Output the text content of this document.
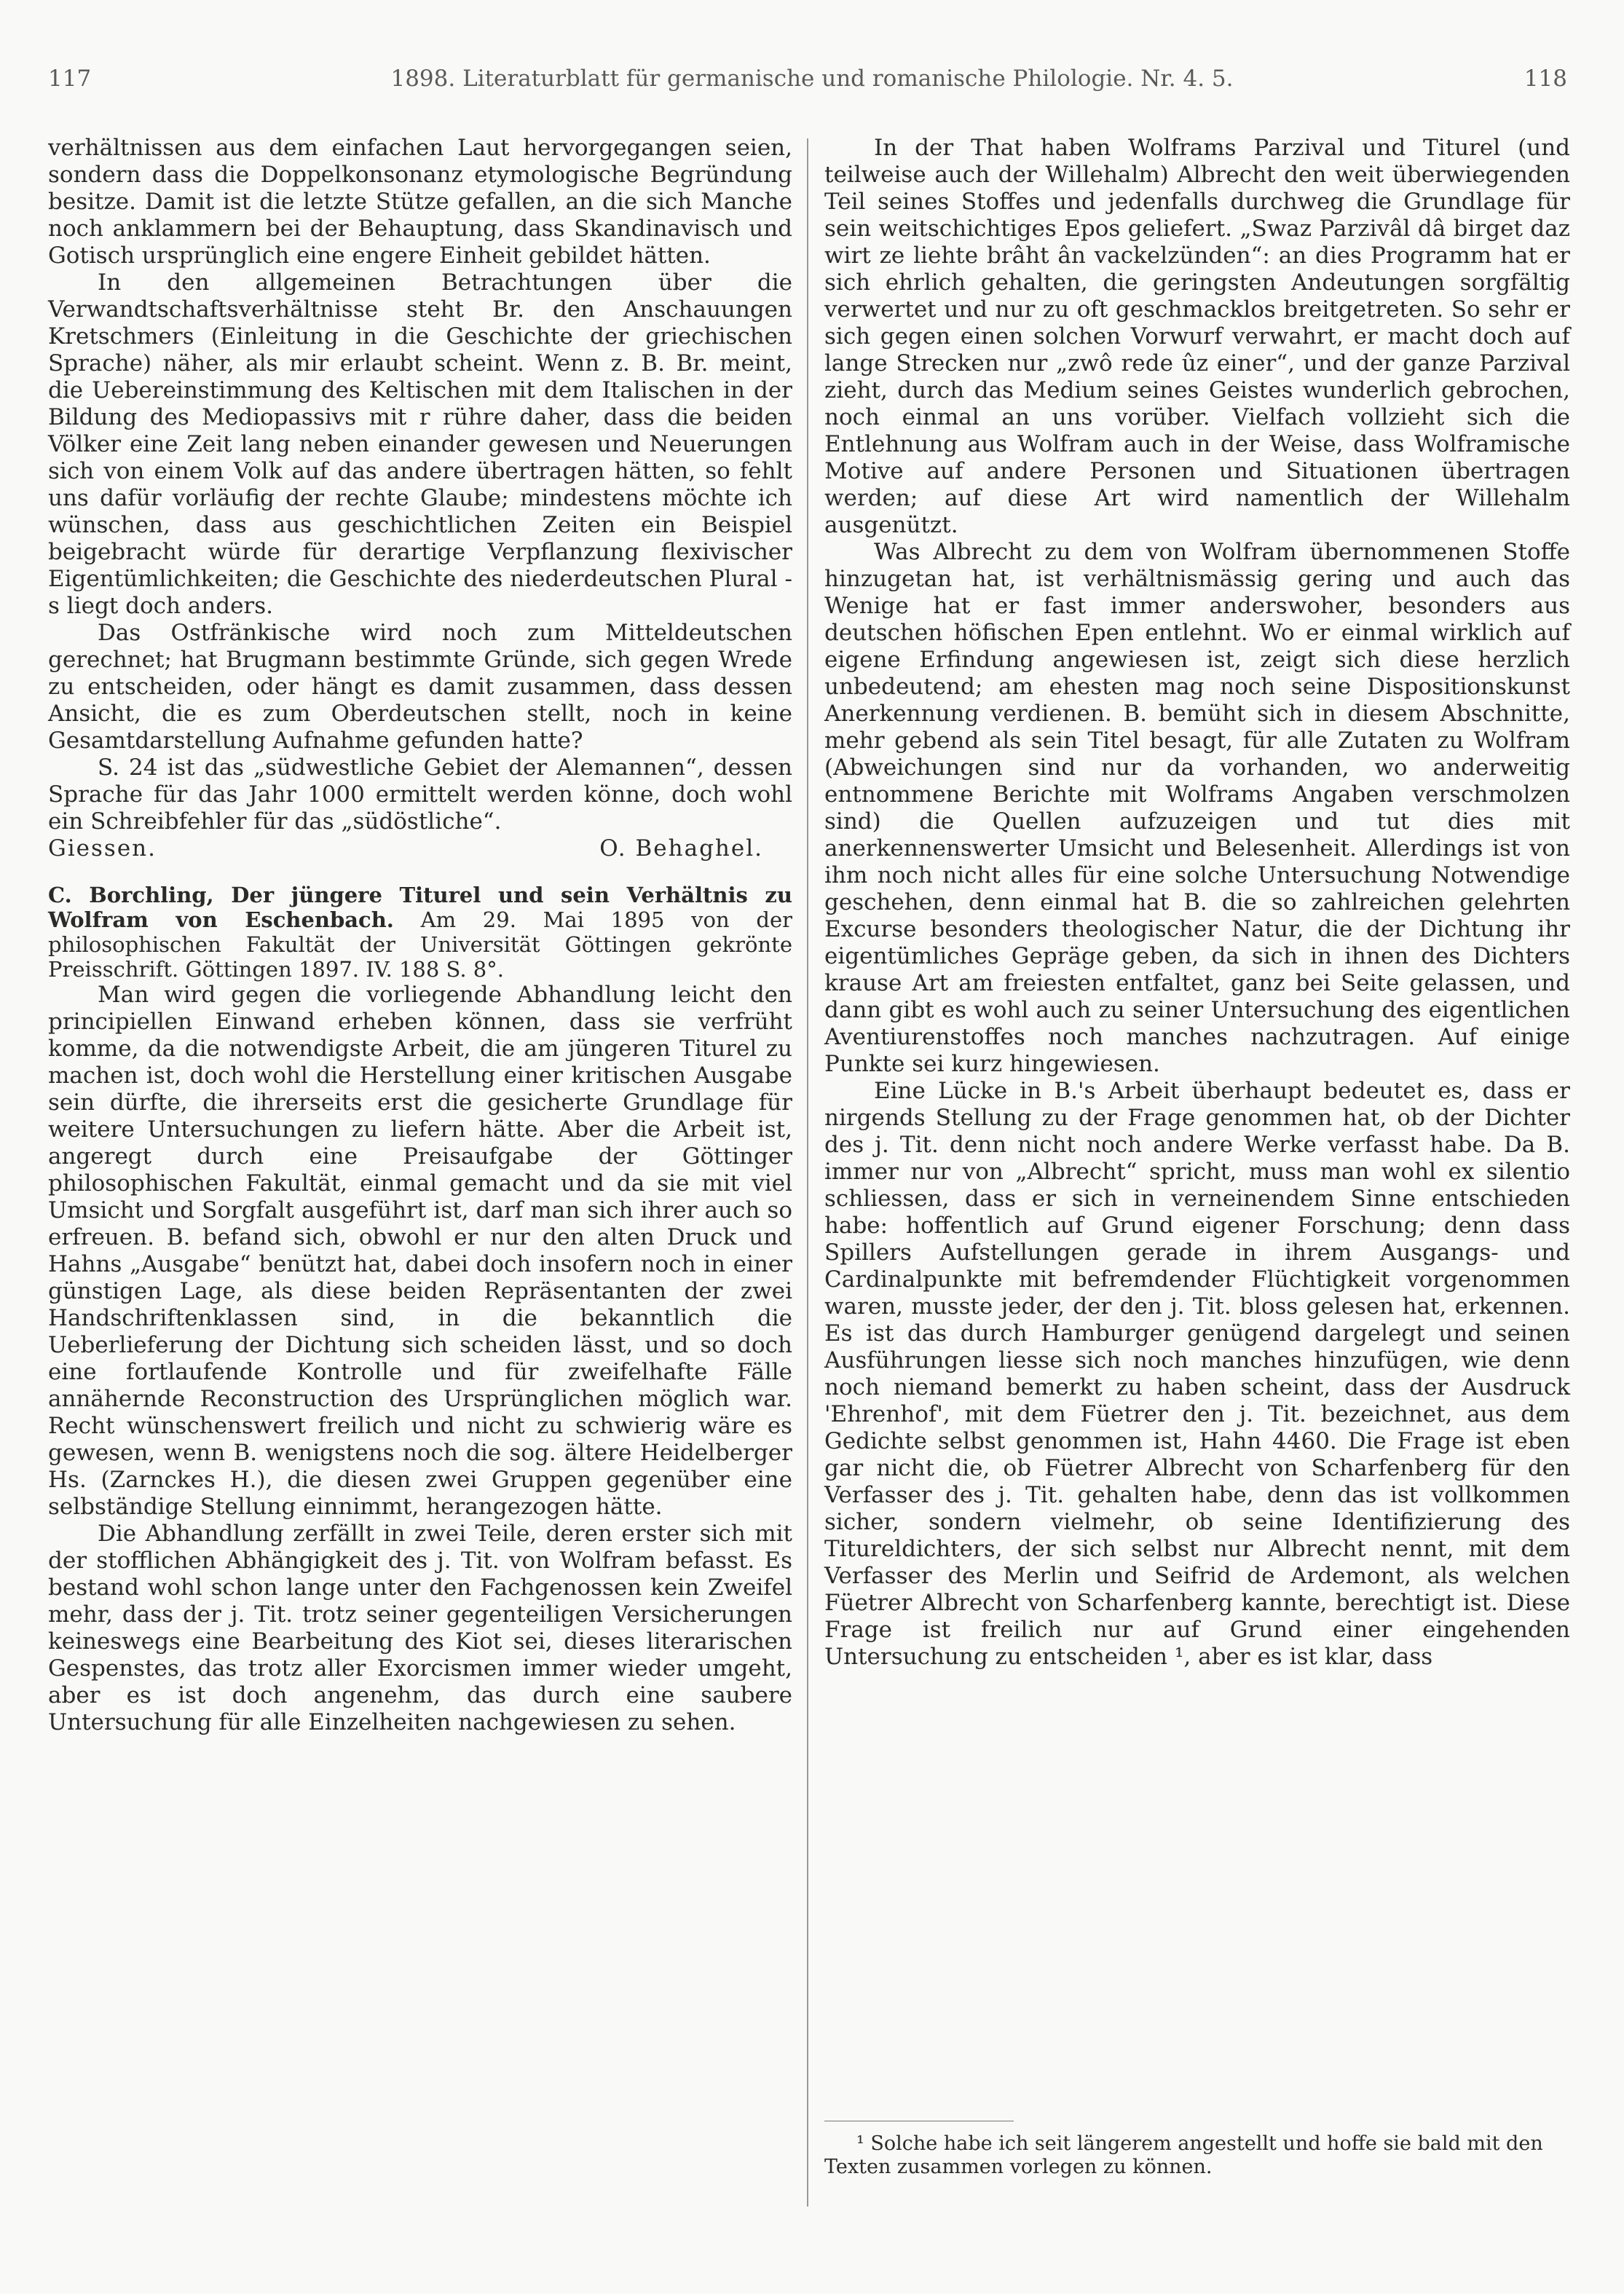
117	1898. Literaturblatt für germanische und romanische Philologie. Nr. 4. 5.	118

verhältnissen aus dem einfachen Laut hervorgegangen seien, sondern dass die Doppelkonsonanz etymologische Begründung besitze. Damit ist die letzte Stütze gefallen, an die sich Manche noch anklammern bei der Behauptung, dass Skandinavisch und Gotisch ursprünglich eine engere Einheit gebildet hätten.

In den allgemeinen Betrachtungen über die Verwandtschaftsverhältnisse steht Br. den Anschauungen Kretschmers (Einleitung in die Geschichte der griechischen Sprache) näher, als mir erlaubt scheint. Wenn z. B. Br. meint, die Uebereinstimmung des Keltischen mit dem Italischen in der Bildung des Mediopassivs mit r rühre daher, dass die beiden Völker eine Zeit lang neben einander gewesen und Neuerungen sich von einem Volk auf das andere übertragen hätten, so fehlt uns dafür vorläufig der rechte Glaube; mindestens möchte ich wünschen, dass aus geschichtlichen Zeiten ein Beispiel beigebracht würde für derartige Verpflanzung flexivischer Eigentümlichkeiten; die Geschichte des niederdeutschen Plural -s liegt doch anders.

Das Ostfränkische wird noch zum Mitteldeutschen gerechnet; hat Brugmann bestimmte Gründe, sich gegen Wrede zu entscheiden, oder hängt es damit zusammen, dass dessen Ansicht, die es zum Oberdeutschen stellt, noch in keine Gesamtdarstellung Aufnahme gefunden hatte?

S. 24 ist das „südwestliche Gebiet der Alemannen“, dessen Sprache für das Jahr 1000 ermittelt werden könne, doch wohl ein Schreibfehler für das „südöstliche“.

Giessen.	O. Behaghel.

C. Borchling, Der jüngere Titurel und sein Verhältnis zu Wolfram von Eschenbach. Am 29. Mai 1895 von der philosophischen Fakultät der Universität Göttingen gekrönte Preisschrift. Göttingen 1897. IV. 188 S. 8°.

Man wird gegen die vorliegende Abhandlung leicht den principiellen Einwand erheben können, dass sie verfrüht komme, da die notwendigste Arbeit, die am jüngeren Titurel zu machen ist, doch wohl die Herstellung einer kritischen Ausgabe sein dürfte, die ihrerseits erst die gesicherte Grundlage für weitere Untersuchungen zu liefern hätte. Aber die Arbeit ist, angeregt durch eine Preisaufgabe der Göttinger philosophischen Fakultät, einmal gemacht und da sie mit viel Umsicht und Sorgfalt ausgeführt ist, darf man sich ihrer auch so erfreuen. B. befand sich, obwohl er nur den alten Druck und Hahns „Ausgabe“ benützt hat, dabei doch insofern noch in einer günstigen Lage, als diese beiden Repräsentanten der zwei Handschriftenklassen sind, in die bekanntlich die Ueberlieferung der Dichtung sich scheiden lässt, und so doch eine fortlaufende Kontrolle und für zweifelhafte Fälle annähernde Reconstruction des Ursprünglichen möglich war. Recht wünschenswert freilich und nicht zu schwierig wäre es gewesen, wenn B. wenigstens noch die sog. ältere Heidelberger Hs. (Zarnckes H.), die diesen zwei Gruppen gegenüber eine selbständige Stellung einnimmt, herangezogen hätte.

Die Abhandlung zerfällt in zwei Teile, deren erster sich mit der stofflichen Abhängigkeit des j. Tit. von Wolfram befasst. Es bestand wohl schon lange unter den Fachgenossen kein Zweifel mehr, dass der j. Tit. trotz seiner gegenteiligen Versicherungen keineswegs eine Bearbeitung des Kiot sei, dieses literarischen Gespenstes, das trotz aller Exorcismen immer wieder umgeht, aber es ist doch angenehm, das durch eine saubere Untersuchung für alle Einzelheiten nachgewiesen zu sehen.

In der That haben Wolframs Parzival und Titurel (und teilweise auch der Willehalm) Albrecht den weit überwiegenden Teil seines Stoffes und jedenfalls durchweg die Grundlage für sein weitschichtiges Epos geliefert. „Swaz Parzivâl dâ birget daz wirt ze liehte brâht ân vackelzünden“: an dies Programm hat er sich ehrlich gehalten, die geringsten Andeutungen sorgfältig verwertet und nur zu oft geschmacklos breitgetreten. So sehr er sich gegen einen solchen Vorwurf verwahrt, er macht doch auf lange Strecken nur „zwô rede ûz einer“, und der ganze Parzival zieht, durch das Medium seines Geistes wunderlich gebrochen, noch einmal an uns vorüber. Vielfach vollzieht sich die Entlehnung aus Wolfram auch in der Weise, dass Wolframische Motive auf andere Personen und Situationen übertragen werden; auf diese Art wird namentlich der Willehalm ausgenützt.

Was Albrecht zu dem von Wolfram übernommenen Stoffe hinzugetan hat, ist verhältnismässig gering und auch das Wenige hat er fast immer anderswoher, besonders aus deutschen höfischen Epen entlehnt. Wo er einmal wirklich auf eigene Erfindung angewiesen ist, zeigt sich diese herzlich unbedeutend; am ehesten mag noch seine Dispositionskunst Anerkennung verdienen. B. bemüht sich in diesem Abschnitte, mehr gebend als sein Titel besagt, für alle Zutaten zu Wolfram (Abweichungen sind nur da vorhanden, wo anderweitig entnommene Berichte mit Wolframs Angaben verschmolzen sind) die Quellen aufzuzeigen und tut dies mit anerkennenswerter Umsicht und Belesenheit. Allerdings ist von ihm noch nicht alles für eine solche Untersuchung Notwendige geschehen, denn einmal hat B. die so zahlreichen gelehrten Excurse besonders theologischer Natur, die der Dichtung ihr eigentümliches Gepräge geben, da sich in ihnen des Dichters krause Art am freiesten entfaltet, ganz bei Seite gelassen, und dann gibt es wohl auch zu seiner Untersuchung des eigentlichen Aventiurenstoffes noch manches nachzutragen. Auf einige Punkte sei kurz hingewiesen.

Eine Lücke in B.'s Arbeit überhaupt bedeutet es, dass er nirgends Stellung zu der Frage genommen hat, ob der Dichter des j. Tit. denn nicht noch andere Werke verfasst habe. Da B. immer nur von „Albrecht“ spricht, muss man wohl ex silentio schliessen, dass er sich in verneinendem Sinne entschieden habe: hoffentlich auf Grund eigener Forschung; denn dass Spillers Aufstellungen gerade in ihrem Ausgangs- und Cardinalpunkte mit befremdender Flüchtigkeit vorgenommen waren, musste jeder, der den j. Tit. bloss gelesen hat, erkennen. Es ist das durch Hamburger genügend dargelegt und seinen Ausführungen liesse sich noch manches hinzufügen, wie denn noch niemand bemerkt zu haben scheint, dass der Ausdruck 'Ehrenhof', mit dem Füetrer den j. Tit. bezeichnet, aus dem Gedichte selbst genommen ist, Hahn 4460. Die Frage ist eben gar nicht die, ob Füetrer Albrecht von Scharfenberg für den Verfasser des j. Tit. gehalten habe, denn das ist vollkommen sicher, sondern vielmehr, ob seine Identifizierung des Titureldichters, der sich selbst nur Albrecht nennt, mit dem Verfasser des Merlin und Seifrid de Ardemont, als welchen Füetrer Albrecht von Scharfenberg kannte, berechtigt ist. Diese Frage ist freilich nur auf Grund einer eingehenden Untersuchung zu entscheiden ¹, aber es ist klar, dass

¹ Solche habe ich seit längerem angestellt und hoffe sie bald mit den Texten zusammen vorlegen zu können.
